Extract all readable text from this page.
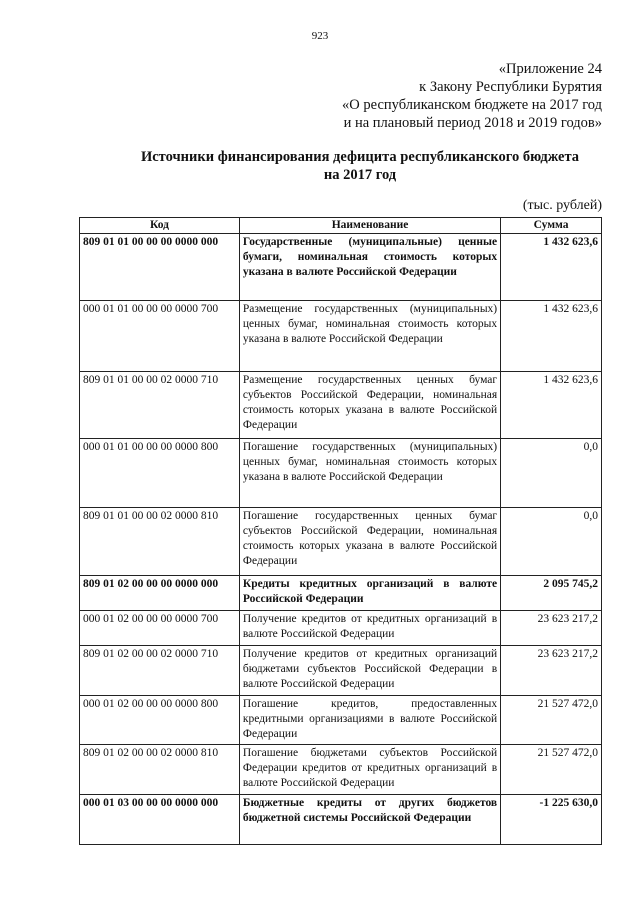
923
«Приложение 24
к Закону Республики Бурятия
«О республиканском бюджете на 2017 год
и на плановый период 2018 и 2019 годов»
Источники финансирования дефицита республиканского бюджета
на 2017 год
(тыс. рублей)
Код	Наименование	Сумма
809 01 01 00 00 00 0000 000	Государственные (муниципальные) ценные бумаги, номинальная стоимость которых указана в валюте Российской Федерации	1 432 623,6
000 01 01 00 00 00 0000 700	Размещение государственных (муниципальных) ценных бумаг, номинальная стоимость которых указана в валюте Российской Федерации	1 432 623,6
809 01 01 00 00 02 0000 710	Размещение государственных ценных бумаг субъектов Российской Федерации, номинальная стоимость которых указана в валюте Российской Федерации	1 432 623,6
000 01 01 00 00 00 0000 800	Погашение государственных (муниципальных) ценных бумаг, номинальная стоимость которых указана в валюте Российской Федерации	0,0
809 01 01 00 00 02 0000 810	Погашение государственных ценных бумаг субъектов Российской Федерации, номинальная стоимость которых указана в валюте Российской Федерации	0,0
809 01 02 00 00 00 0000 000	Кредиты кредитных организаций в валюте Российской Федерации	2 095 745,2
000 01 02 00 00 00 0000 700	Получение кредитов от кредитных организаций в валюте Российской Федерации	23 623 217,2
809 01 02 00 00 02 0000 710	Получение кредитов от кредитных организаций бюджетами субъектов Российской Федерации в валюте Российской Федерации	23 623 217,2
000 01 02 00 00 00 0000 800	Погашение кредитов, предоставленных кредитными организациями в валюте Российской Федерации	21 527 472,0
809 01 02 00 00 02 0000 810	Погашение бюджетами субъектов Российской Федерации кредитов от кредитных организаций в валюте Российской Федерации	21 527 472,0
000 01 03 00 00 00 0000 000	Бюджетные кредиты от других бюджетов бюджетной системы Российской Федерации	-1 225 630,0
